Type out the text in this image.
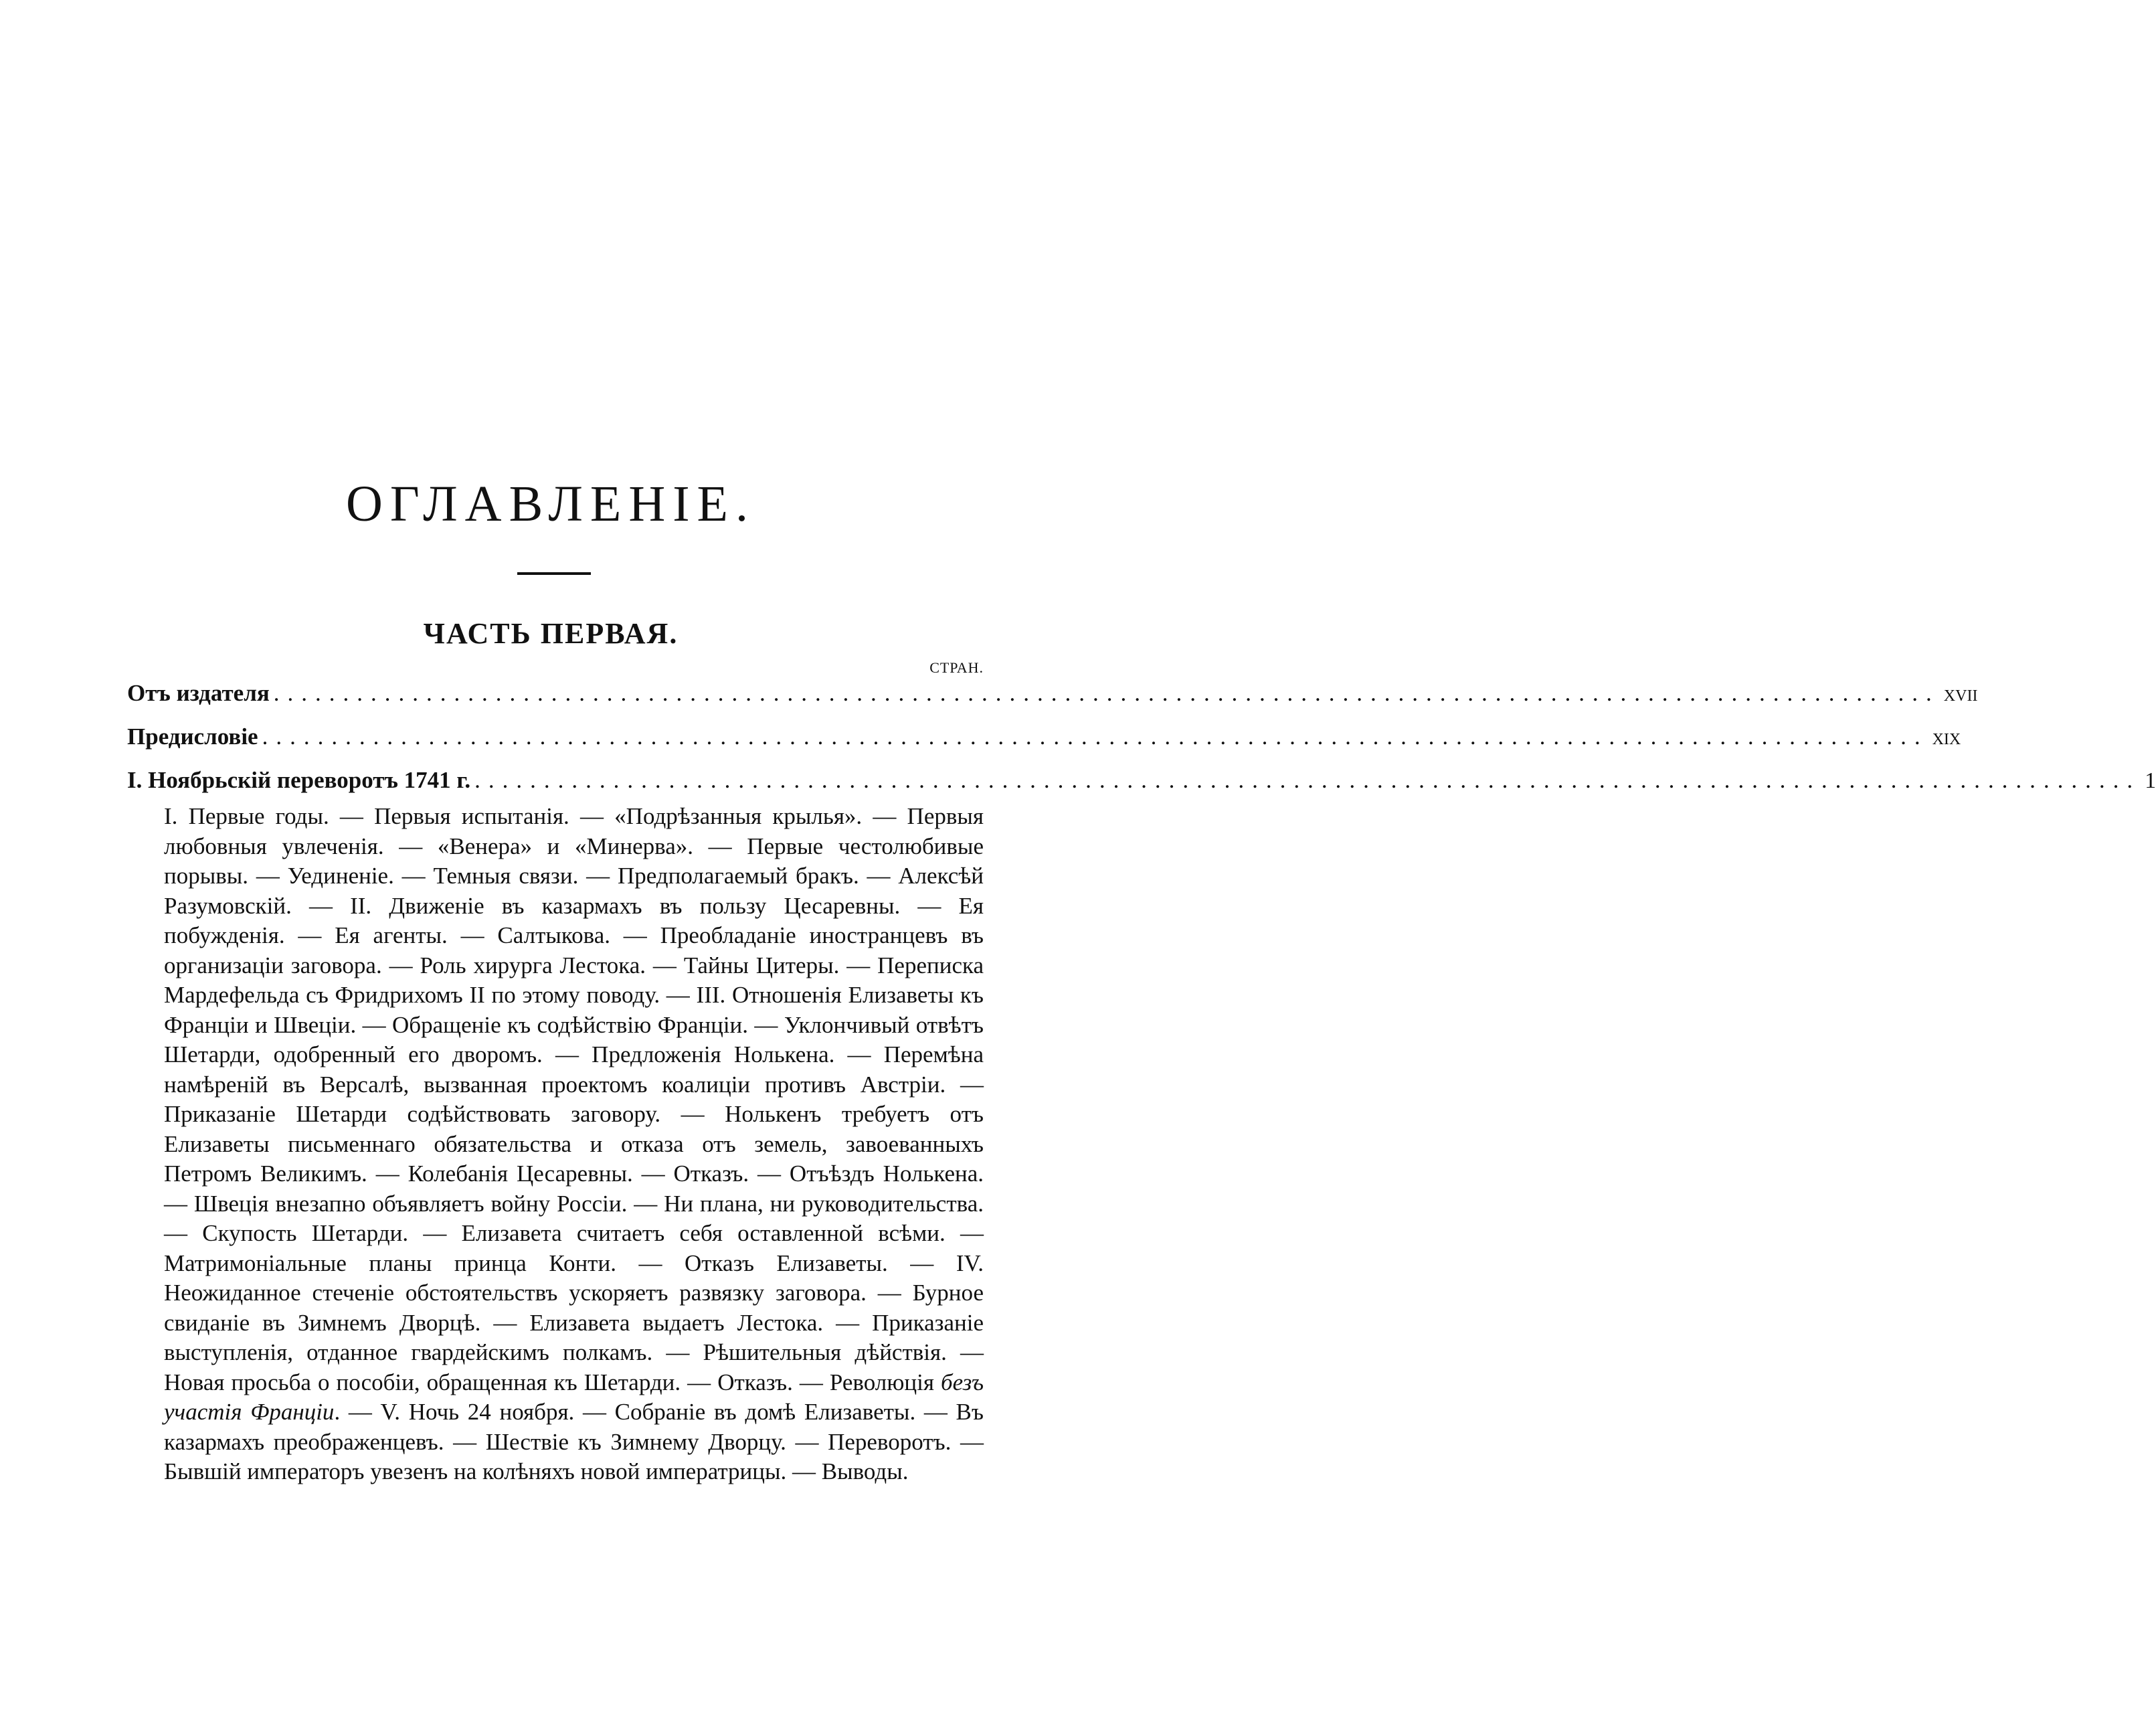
ОГЛАВЛЕНІЕ.
ЧАСТЬ ПЕРВАЯ.
СТРАН.
Отъ издателя ........................................................................................................................ xvii
Предисловіе ........................................................................................................................ xix
I. Ноябрьскій переворотъ 1741 г. ........................................................................................................................ 1

I. Первые годы. — Первыя испытанія. — «Подрѣзанныя крылья». — Первыя любовныя увлеченія. — «Венера» и «Минерва». — Первые честолюбивые порывы. — Уединеніе. — Темныя связи. — Предполагаемый бракъ. — Алексѣй Разумовскій. — II. Движеніе въ казармахъ въ пользу Цесаревны. — Ея побужденія. — Ея агенты. — Салтыкова. — Преобладаніе иностранцевъ въ организаціи заговора. — Роль хирурга Лестока. — Тайны Цитеры. — Переписка Мардефельда съ Фридрихомъ II по этому поводу. — III. Отношенія Елизаветы къ Франціи и Швеціи. — Обращеніе къ содѣйствію Франціи. — Уклончивый отвѣтъ Шетарди, одобренный его дворомъ. — Предложенія Нолькена. — Перемѣна намѣреній въ Версалѣ, вызванная проектомъ коалиціи противъ Австріи. — Приказаніе Шетарди содѣйствовать заговору. — Нолькенъ требуетъ отъ Елизаветы письменнаго обязательства и отказа отъ земель, завоеванныхъ Петромъ Великимъ. — Колебанія Цесаревны. — Отказъ. — Отъѣздъ Нолькена. — Швеція внезапно объявляетъ войну Россіи. — Ни плана, ни руководительства. — Скупость Шетарди. — Елизавета считаетъ себя оставленной всѣми. — Матримоніальные планы принца Конти. — Отказъ Елизаветы. — IV. Неожиданное стеченіе обстоятельствъ ускоряетъ развязку заговора. — Бурное свиданіе въ Зимнемъ Дворцѣ. — Елизавета выдаетъ Лестока. — Приказаніе выступленія, отданное гвардейскимъ полкамъ. — Рѣшительныя дѣйствія. — Новая просьба о пособіи, обращенная къ Шетарди. — Отказъ. — Революція безъ участія Франціи. — V. Ночь 24 ноября. — Собраніе въ домѣ Елизаветы. — Въ казармахъ преображенцевъ. — Шествіе къ Зимнему Дворцу. — Переворотъ. — Бывшій императоръ увезенъ на колѣняхъ новой императрицы. — Выводы.
